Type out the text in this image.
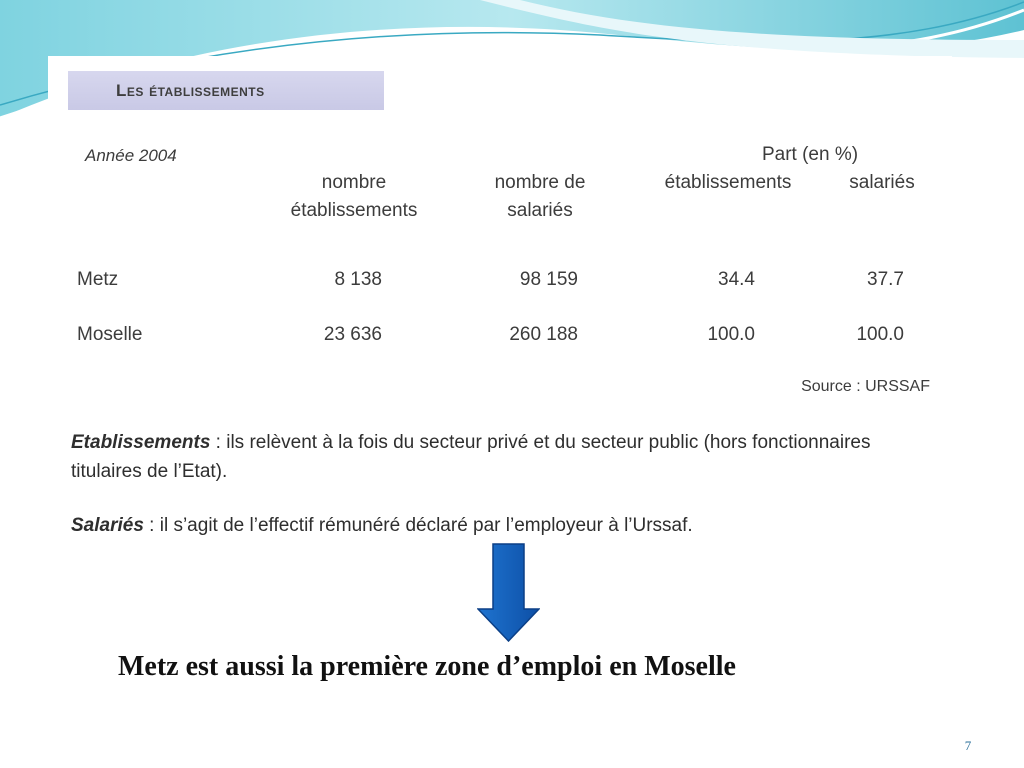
Les établissements
Année 2004	Part (en %)
nombre
établissements
nombre de
salariés
établissements	salariés
Metz	8 138	98 159	34.4	37.7
Moselle	23 636	260 188	100.0	100.0
Source : URSSAF
Etablissements : ils relèvent à la fois du secteur privé et du secteur public (hors fonctionnaires titulaires de l’Etat).
Salariés : il s’agit de l’effectif rémunéré déclaré par l’employeur à l’Urssaf.
Metz est aussi la première zone d’emploi en Moselle
7
